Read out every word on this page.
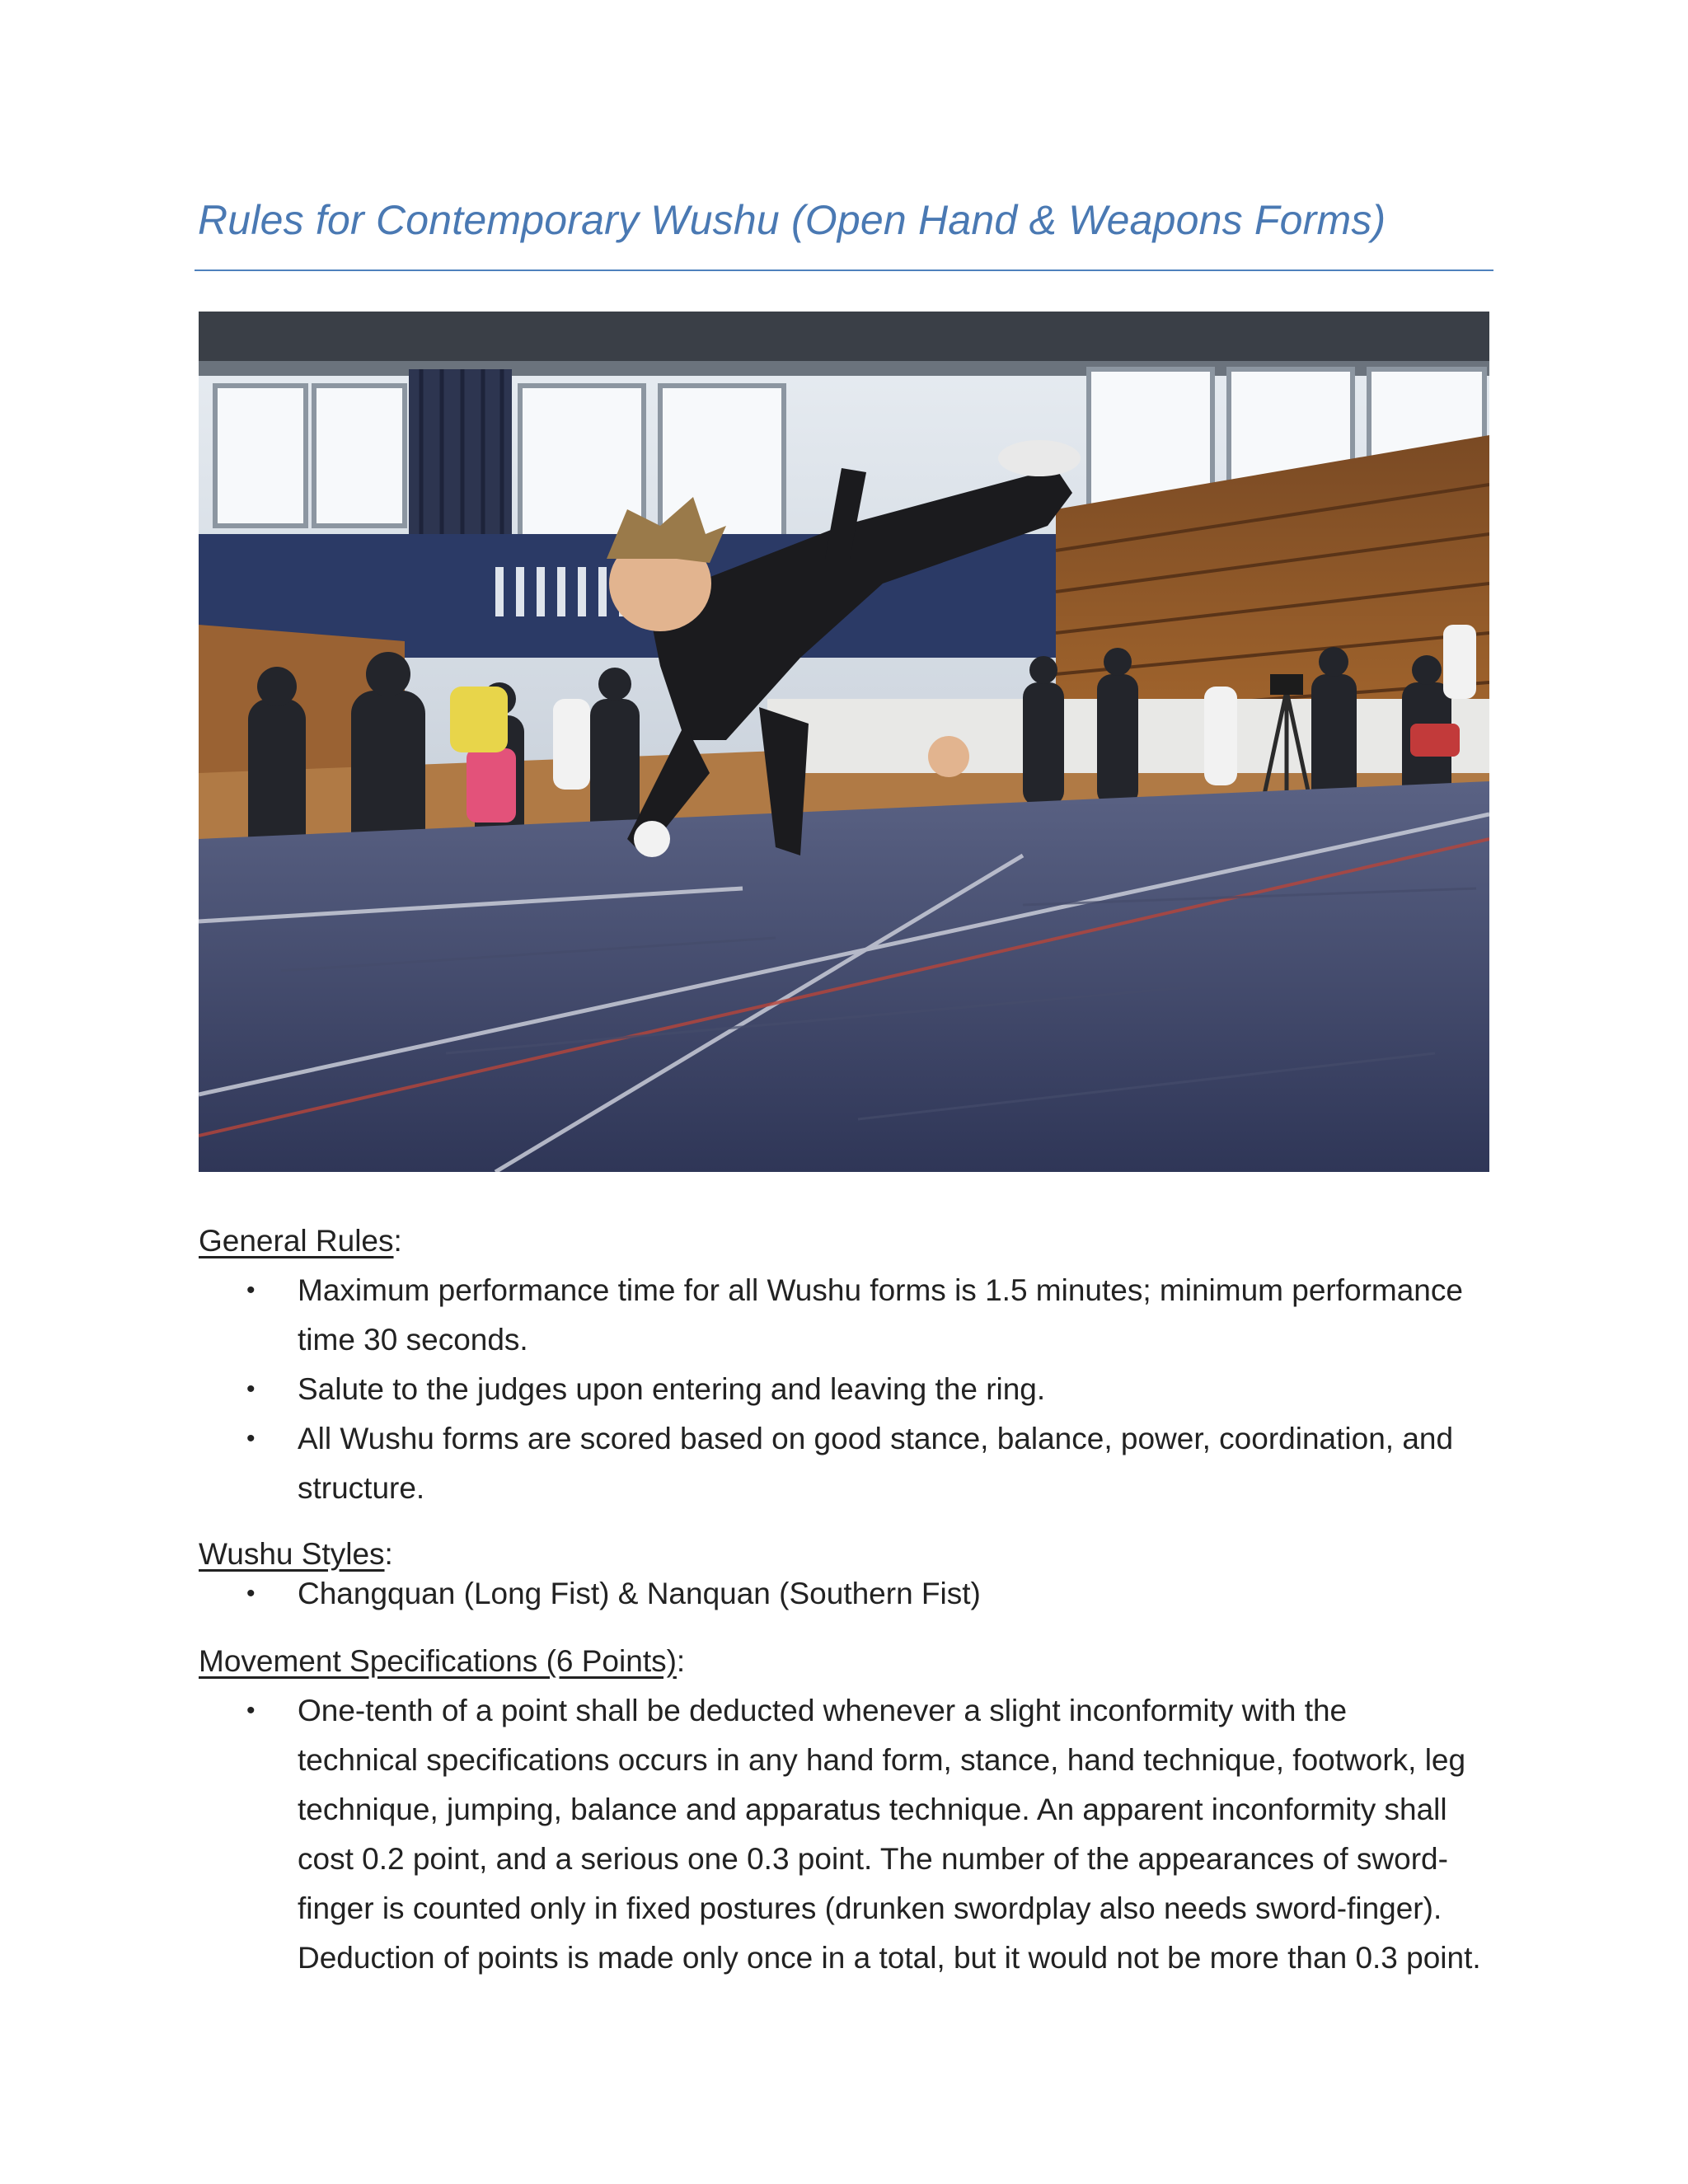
Rules for Contemporary Wushu (Open Hand & Weapons Forms)
General Rules:
• Maximum performance time for all Wushu forms is 1.5 minutes; minimum performance
time 30 seconds.
• Salute to the judges upon entering and leaving the ring.
• All Wushu forms are scored based on good stance, balance, power, coordination, and
structure.
Wushu Styles:
• Changquan (Long Fist) & Nanquan (Southern Fist)
Movement Specifications (6 Points):
• One-tenth of a point shall be deducted whenever a slight inconformity with the
technical specifications occurs in any hand form, stance, hand technique, footwork, leg
technique, jumping, balance and apparatus technique. An apparent inconformity shall
cost 0.2 point, and a serious one 0.3 point. The number of the appearances of sword-
finger is counted only in fixed postures (drunken swordplay also needs sword-finger).
Deduction of points is made only once in a total, but it would not be more than 0.3 point.
